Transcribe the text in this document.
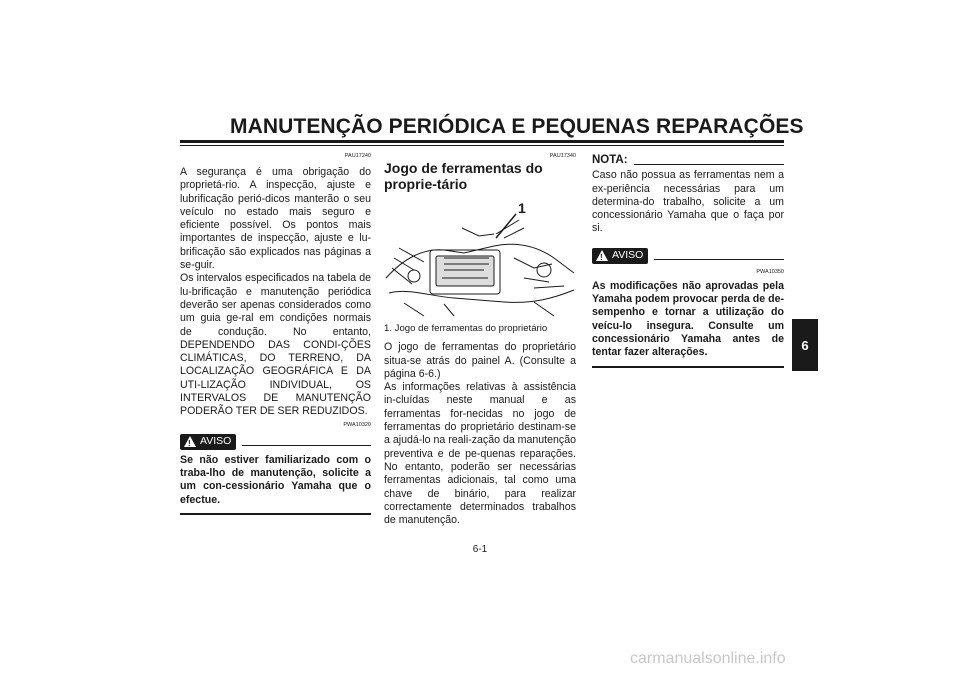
MANUTENÇÃO PERIÓDICA E PEQUENAS REPARAÇÕES
PAU17240

A segurança é uma obrigação do proprietá-rio. A inspecção, ajuste e lubrificação perió-dicos manterão o seu veículo no estado mais seguro e eficiente possível. Os pontos mais importantes de inspecção, ajuste e lu-brificação são explicados nas páginas a se-guir.

Os intervalos especificados na tabela de lu-brificação e manutenção periódica deverão ser apenas considerados como um guia ge-ral em condições normais de condução. No entanto, DEPENDENDO DAS CONDI-ÇÕES CLIMÁTICAS, DO TERRENO, DA LOCALIZAÇÃO GEOGRÁFICA E DA UTI-LIZAÇÃO INDIVIDUAL, OS INTERVALOS DE MANUTENÇÃO PODERÃO TER DE SER REDUZIDOS.

PWA10320
!
AVISO

Se não estiver familiarizado com o traba-lho de manutenção, solicite a um con-cessionário Yamaha que o efectue.

PAU17340
Jogo de ferramentas do proprie-tário
1
1. Jogo de ferramentas do proprietário

O jogo de ferramentas do proprietário situa-se atrás do painel A. (Consulte a página 6-6.)

As informações relativas à assistência in-cluídas neste manual e as ferramentas for-necidas no jogo de ferramentas do proprietário destinam-se a ajudá-lo na reali-zação da manutenção preventiva e de pe-quenas reparações. No entanto, poderão ser necessárias ferramentas adicionais, tal como uma chave de binário, para realizar correctamente determinados trabalhos de manutenção.

NOTA:

Caso não possua as ferramentas nem a ex-periência necessárias para um determina-do trabalho, solicite a um concessionário Yamaha que o faça por si.

!
AVISO
PWA10350

As modificações não aprovadas pela Yamaha podem provocar perda de de-sempenho e tornar a utilização do veícu-lo insegura. Consulte um concessionário Yamaha antes de tentar fazer alterações.	6
6-1
carmanualsonline.info
